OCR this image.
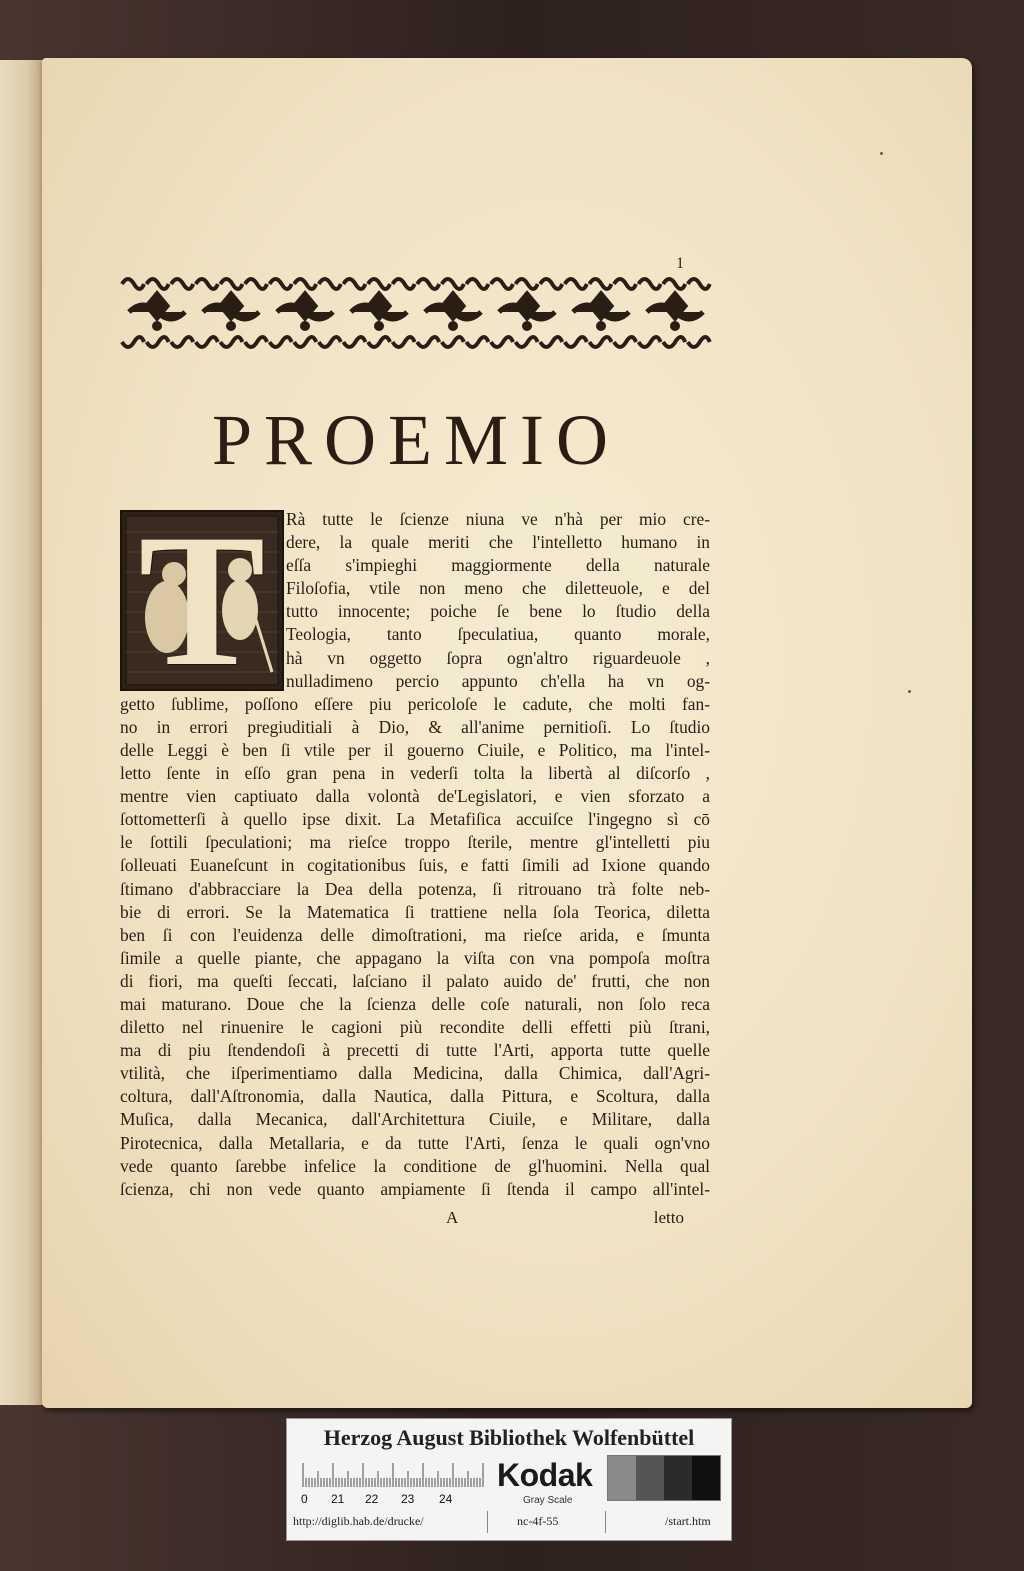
1
PROEMIO
T	Rà tutte le ſcienze niuna ve n'hà per mio cre-
dere, la quale meriti che l'intelletto humano in
eſſa s'impieghi maggiormente della naturale
Filoſofia, vtile non meno che diletteuole, e del
tutto innocente; poiche ſe bene lo ſtudio della
Teologia, tanto ſpeculatiua, quanto morale,
hà vn oggetto ſopra ogn'altro riguardeuole ,
nulladimeno percio appunto ch'ella ha vn og-
getto ſublime, poſſono eſſere piu pericoloſe le cadute, che molti fan-
no in errori pregiuditiali à Dio, & all'anime pernitioſi. Lo ſtudio
delle Leggi è ben ſi vtile per il gouerno Ciuile, e Politico, ma l'intel-
letto ſente in eſſo gran pena in vederſi tolta la libertà al diſcorſo ,
mentre vien captiuato dalla volontà de'Legislatori, e vien sforzato a
ſottometterſi à quello ipse dixit. La Metafiſica accuiſce l'ingegno sì cō
le ſottili ſpeculationi; ma rieſce troppo ſterile, mentre gl'intelletti piu
ſolleuati Euaneſcunt in cogitationibus ſuis, e fatti ſimili ad Ixione quando
ſtimano d'abbracciare la Dea della potenza, ſi ritrouano trà folte neb-
bie di errori. Se la Matematica ſi trattiene nella ſola Teorica, diletta
ben ſi con l'euidenza delle dimoſtrationi, ma rieſce arida, e ſmunta
ſimile a quelle piante, che appagano la viſta con vna pompoſa moſtra
di fiori, ma queſti ſeccati, laſciano il palato auido de' frutti, che non
mai maturano. Doue che la ſcienza delle coſe naturali, non ſolo reca
diletto nel rinuenire le cagioni più recondite delli effetti più ſtrani,
ma di piu ſtendendoſi à precetti di tutte l'Arti, apporta tutte quelle
vtilità, che iſperimentiamo dalla Medicina, dalla Chimica, dall'Agri-
coltura, dall'Aſtronomia, dalla Nautica, dalla Pittura, e Scoltura, dalla
Muſica, dalla Mecanica, dall'Architettura Ciuile, e Militare, dalla
Pirotecnica, dalla Metallaria, e da tutte l'Arti, ſenza le quali ogn'vno
vede quanto ſarebbe infelice la conditione de gl'huomini. Nella qual
ſcienza, chi non vede quanto ampiamente ſi ſtenda il campo all'intel-
A	letto
Herzog August Bibliothek Wolfenbüttel
0 21 22 23 24
Kodak
Gray Scale
http://diglib.hab.de/drucke/	nc-4f-55	/start.htm
